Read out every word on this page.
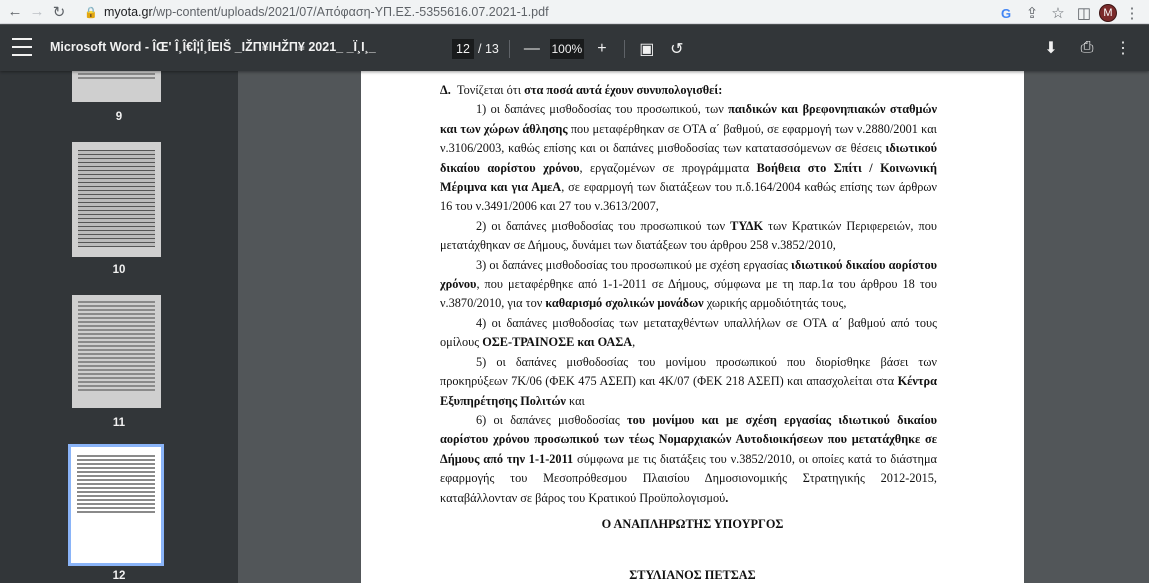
← → ↻	🔒 myota.gr /wp-content/uploads/2021/07/Απόφαση-ΥΠ.ΕΣ.-5355616.07.2021-1.pdf	G ⇪ ☆ ◫	M ⋮
Microsoft Word - ÎŒ' Î¸Î€Î¦Î¸ÎΕΙŠ _ΙŽΠ¥ΙΗŽΠ¥ 2021_ _Ϊ¸Ι¸_	12 / 13 — 100% +	▣ ↺	⬇	⎙	⋮
9
10
11
12

Δ. Τονίζεται ότι στα ποσά αυτά έχουν συνυπολογισθεί:

1) οι δαπάνες μισθοδοσίας του προσωπικού, των παιδικών και βρεφονηπιακών σταθμών και των χώρων άθλησης που μεταφέρθηκαν σε ΟΤΑ α΄ βαθμού, σε εφαρμογή των ν.2880/2001 και ν.3106/2003, καθώς επίσης και οι δαπάνες μισθοδοσίας των κατατασσόμενων σε θέσεις ιδιωτικού δικαίου αορίστου χρόνου, εργαζομένων σε προγράμματα Βοήθεια στο Σπίτι / Κοινωνική Μέριμνα και για ΑμεΑ, σε εφαρμογή των διατάξεων του π.δ.164/2004 καθώς επίσης των άρθρων 16 του ν.3491/2006 και 27 του ν.3613/2007,

2) οι δαπάνες μισθοδοσίας του προσωπικού των ΤΥΔΚ των Κρατικών Περιφερειών, που μετατάχθηκαν σε Δήμους, δυνάμει των διατάξεων του άρθρου 258 ν.3852/2010,

3) οι δαπάνες μισθοδοσίας του προσωπικού με σχέση εργασίας ιδιωτικού δικαίου αορίστου χρόνου, που μεταφέρθηκε από 1-1-2011 σε Δήμους, σύμφωνα με τη παρ.1α του άρθρου 18 του ν.3870/2010, για τον καθαρισμό σχολικών μονάδων χωρικής αρμοδιότητάς τους,

4) οι δαπάνες μισθοδοσίας των μεταταχθέντων υπαλλήλων σε ΟΤΑ α΄ βαθμού από τους ομίλους ΟΣΕ-ΤΡΑΙΝΟΣΕ και ΟΑΣΑ,

5) οι δαπάνες μισθοδοσίας του μονίμου προσωπικού που διορίσθηκε βάσει των προκηρύξεων 7Κ/06 (ΦΕΚ 475 ΑΣΕΠ) και 4Κ/07 (ΦΕΚ 218 ΑΣΕΠ) και απασχολείται στα Κέντρα Εξυπηρέτησης Πολιτών και

6) οι δαπάνες μισθοδοσίας του μονίμου και με σχέση εργασίας ιδιωτικού δικαίου αορίστου χρόνου προσωπικού των τέως Νομαρχιακών Αυτοδιοικήσεων που μετατάχθηκε σε Δήμους από την 1-1-2011 σύμφωνα με τις διατάξεις του ν.3852/2010, οι οποίες κατά το διάστημα εφαρμογής του Μεσοπρόθεσμου Πλαισίου Δημοσιονομικής Στρατηγικής 2012-2015, καταβάλλονταν σε βάρος του Κρατικού Προϋπολογισμού.

Ο ΑΝΑΠΛΗΡΩΤΗΣ ΥΠΟΥΡΓΟΣ
ΣΤΥΛΙΑΝΟΣ ΠΕΤΣΑΣ
